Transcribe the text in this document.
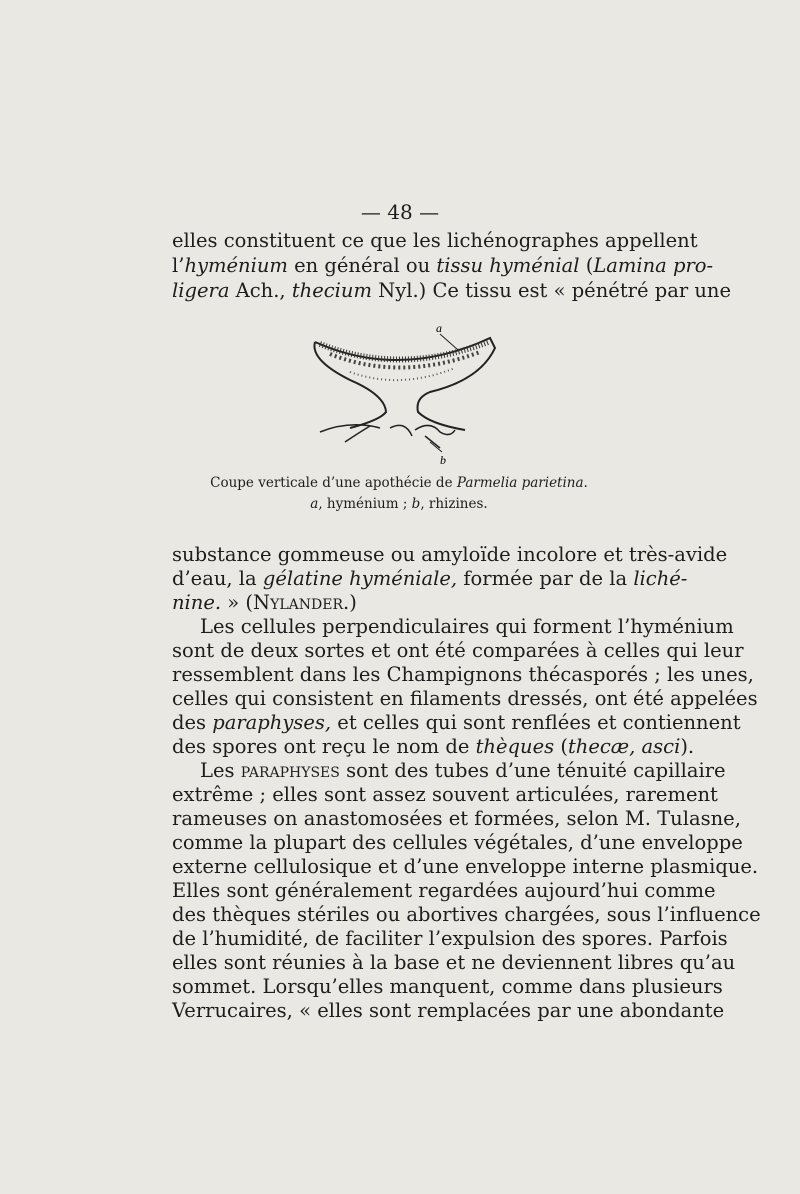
— 48 —
elles constituent ce que les lichénographes appellent
l’hyménium en général ou tissu hyménial (Lamina pro-
ligera Ach., thecium Nyl.) Ce tissu est « pénétré par une
a
b
Coupe verticale d’une apothécie de Parmelia parietina.
a, hyménium ; b, rhizines.
substance gommeuse ou amyloïde incolore et très-avide
d’eau, la gélatine hyméniale, formée par de la liché-
nine. » (Nylander.)
Les cellules perpendiculaires qui forment l’hyménium
sont de deux sortes et ont été comparées à celles qui leur
ressemblent dans les Champignons thécasporés ; les unes,
celles qui consistent en filaments dressés, ont été appelées
des paraphyses, et celles qui sont renflées et contiennent
des spores ont reçu le nom de thèques (thecæ, asci).
Les paraphyses sont des tubes d’une ténuité capillaire
extrême ; elles sont assez souvent articulées, rarement
rameuses on anastomosées et formées, selon M. Tulasne,
comme la plupart des cellules végétales, d’une enveloppe
externe cellulosique et d’une enveloppe interne plasmique.
Elles sont généralement regardées aujourd’hui comme
des thèques stériles ou abortives chargées, sous l’influence
de l’humidité, de faciliter l’expulsion des spores. Parfois
elles sont réunies à la base et ne deviennent libres qu’au
sommet. Lorsqu’elles manquent, comme dans plusieurs
Verrucaires, « elles sont remplacées par une abondante
